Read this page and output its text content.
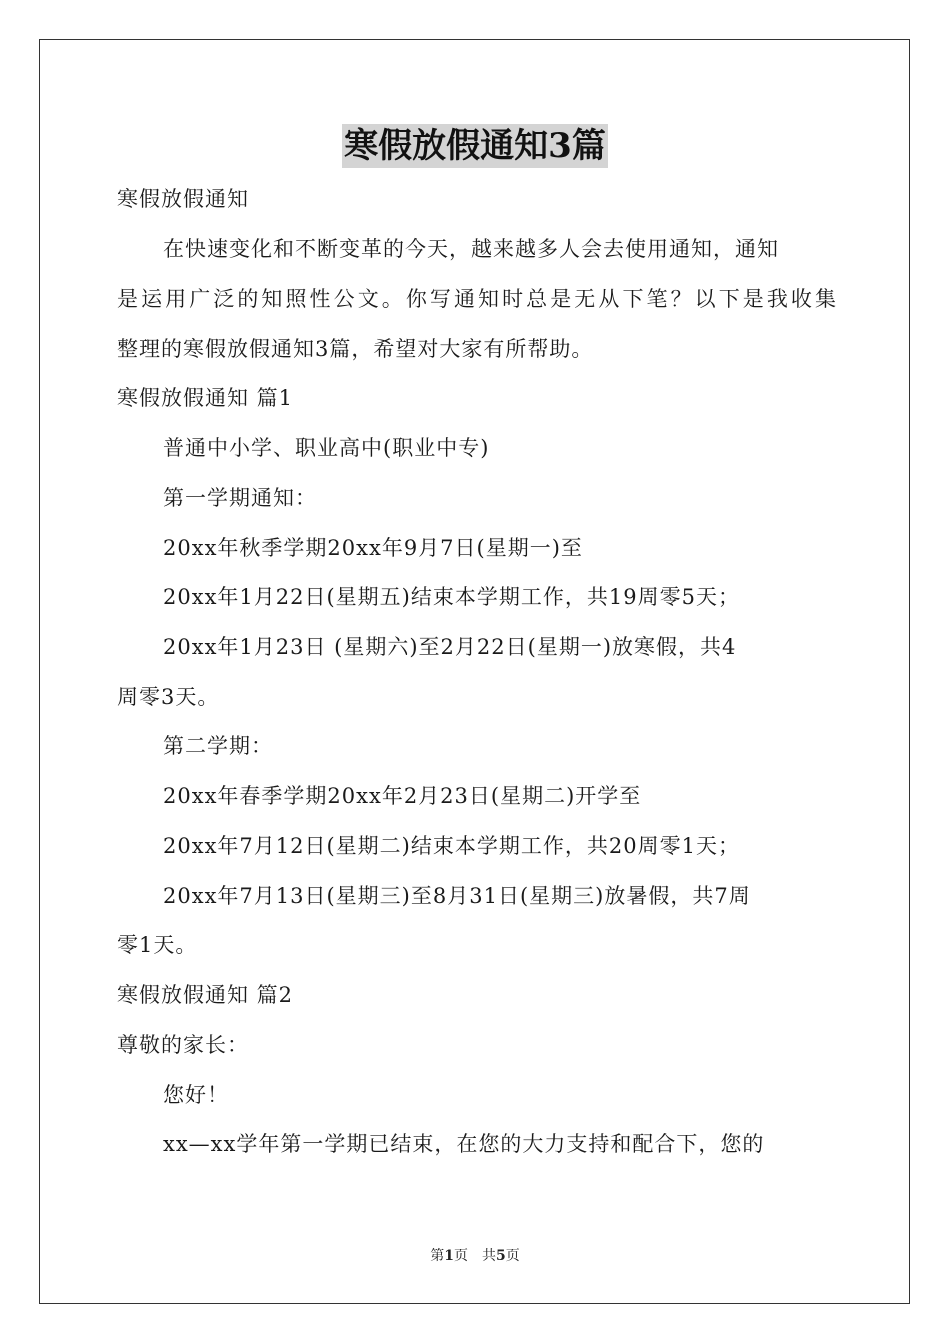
寒假放假通知3篇
寒假放假通知
在快速变化和不断变革的今天，越来越多人会去使用通知，通知
是运用广泛的知照性公文。你写通知时总是无从下笔？以下是我收集
整理的寒假放假通知3篇，希望对大家有所帮助。
寒假放假通知 篇1
普通中小学、职业高中(职业中专)
第一学期通知：
20xx年秋季学期20xx年9月7日(星期一)至
20xx年1月22日(星期五)结束本学期工作，共19周零5天；
20xx年1月23日 (星期六)至2月22日(星期一)放寒假，共4
周零3天。
第二学期：
20xx年春季学期20xx年2月23日(星期二)开学至
20xx年7月12日(星期二)结束本学期工作，共20周零1天；
20xx年7月13日(星期三)至8月31日(星期三)放暑假，共7周
零1天。
寒假放假通知 篇2
尊敬的家长：
您好！
xx—xx学年第一学期已结束，在您的大力支持和配合下，您的
第1页 共5页
